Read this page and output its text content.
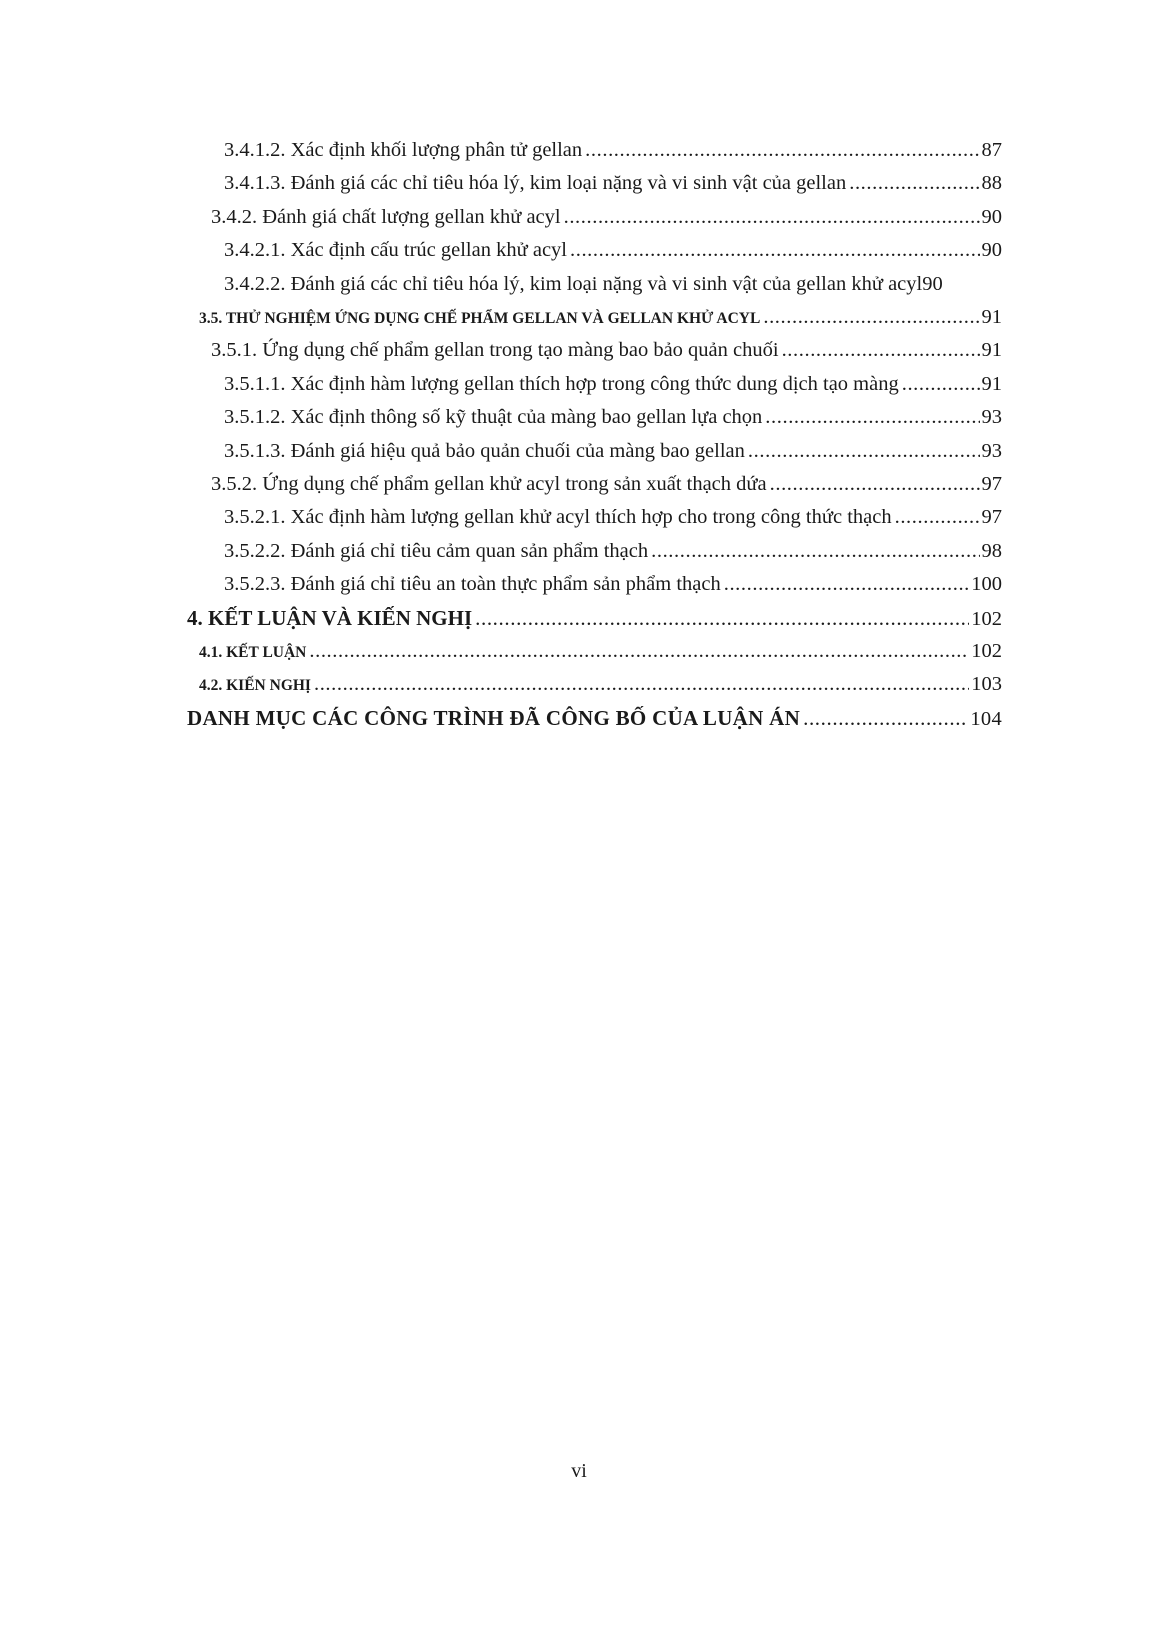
3.4.1.2. Xác định khối lượng phân tử gellan .....	87
3.4.1.3. Đánh giá các chỉ tiêu hóa lý, kim loại nặng và vi sinh vật của gellan .....	88
3.4.2. Đánh giá chất lượng gellan khử acyl .....	90
3.4.2.1. Xác định cấu trúc gellan khử acyl .....	90
3.4.2.2. Đánh giá các chỉ tiêu hóa lý, kim loại nặng và vi sinh vật của gellan khử acyl 90
3.5. THỬ NGHIỆM ỨNG DỤNG CHẾ PHẨM GELLAN VÀ GELLAN KHỬ ACYL .....	91
3.5.1. Ứng dụng chế phẩm gellan trong tạo màng bao bảo quản chuối .....	91
3.5.1.1. Xác định hàm lượng gellan thích hợp trong công thức dung dịch tạo màng .....	91
3.5.1.2. Xác định thông số kỹ thuật của màng bao gellan lựa chọn .....	93
3.5.1.3. Đánh giá hiệu quả bảo quản chuối của màng bao gellan .....	93
3.5.2. Ứng dụng chế phẩm gellan khử acyl trong sản xuất thạch dứa .....	97
3.5.2.1. Xác định hàm lượng gellan khử acyl thích hợp cho trong công thức thạch .....	97
3.5.2.2. Đánh giá chỉ tiêu cảm quan sản phẩm thạch .....	98
3.5.2.3. Đánh giá chỉ tiêu an toàn thực phẩm sản phẩm thạch .....	100
4. KẾT LUẬN VÀ KIẾN NGHỊ .....	102
4.1. KẾT LUẬN .....	102
4.2. KIẾN NGHỊ .....	103
DANH MỤC CÁC CÔNG TRÌNH ĐÃ CÔNG BỐ CỦA LUẬN ÁN .....	104
vi
